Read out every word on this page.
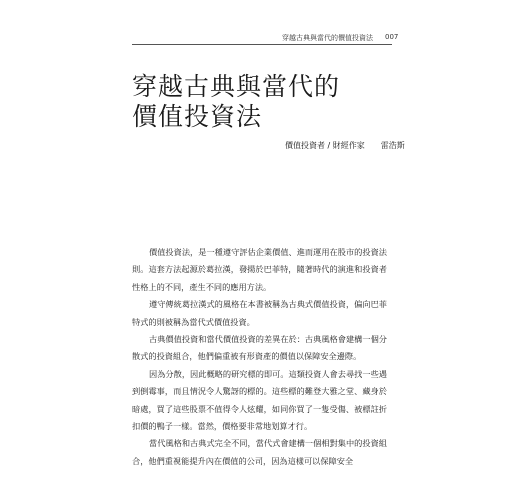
穿越古典與當代的價值投資法 007
穿越古典與當代的
價值投資法
價值投資者 / 財經作家 雷浩斯

價值投資法，是一種遵守評估企業價值、進而運用在股市的投資法則。這套方法起源於葛拉漢，發揚於巴菲特，隨著時代的演進和投資者性格上的不同，產生不同的應用方法。

遵守傳統葛拉漢式的風格在本書被稱為古典式價值投資，偏向巴菲特式的則被稱為當代式價值投資。

古典價值投資和當代價值投資的差異在於：古典風格會建構一個分散式的投資組合，他們偏重被有形資產的價值以保障安全邊際。

因為分散，因此概略的研究標的即可。這類投資人會去尋找一些遇到倒霉事，而且情況令人驚訝的標的。這些標的難登大雅之堂、藏身於暗處，買了這些股票不值得令人炫耀，如同你買了一隻受傷、被標註折扣價的鴨子一樣。當然，價格要非常地划算才行。

當代風格和古典式完全不同，當代式會建構一個相對集中的投資組合，他們重視能提升內在價值的公司，因為這樣可以保障安全
